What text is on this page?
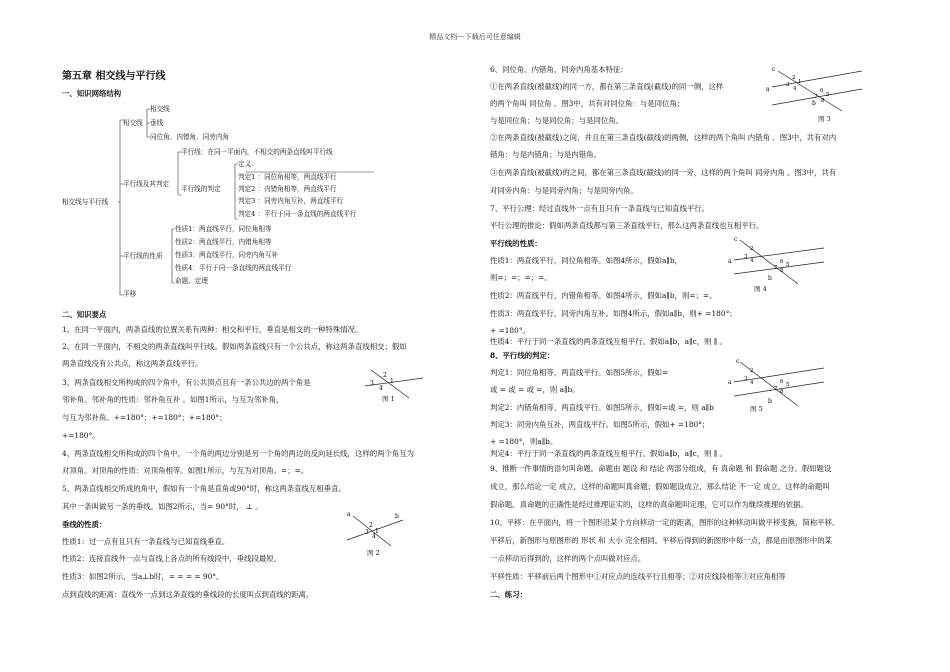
精品文档---下载后可任意编辑
第五章 相交线与平行线
一、知识网络结构
相交线与平行线
相交线
相交线
垂线
同位角、内错角、同旁内角
平行线及其判定
平行线：在同一平面内，不相交的两条直线叫平行线
平行线的判定
定义：
判定1 ：同位角相等，两直线平行
判定2 ：内错角相等，两直线平行
判定3 ：同旁内角互补，两直线平行
判定4 ：平行于同一条直线的两直线平行
平行线的性质
性质1：两直线平行，同位角相等
性质2：两直线平行，内错角相等
性质3：两直线平行，同旁内角互补
性质4：平行于同一条直线的两直线平行
命题、定理
平移
二、知识要点
1、在同一平面内，两条直线的位置关系有两种：相交和平行，垂直是相交的一种特殊情况。
2、在同一平面内，不相交的两条直线叫平行线。假如两条直线只有一个公共点，称这两条直线相交；假如
两条直线没有公共点，称这两条直线平行。
3、两条直线相交所构成的四个角中，有公共顶点且有一条公共边的两个角是
邻补角。邻补角的性质：邻补角互补 。如图1所示，与互为邻补角，
与互为邻补角。+=180°；+=180°；+=180°；
+=180°。
4、两条直线相交所构成的四个角中，一个角的两边分别是另一个角的两边的反向延长线，这样的两个角互为
对顶角。对顶角的性质：对顶角相等。如图1所示，与互为对顶角。=；=。
5、两条直线相交所成的角中，假如有一个角是直角或90°时，称这两条直线互相垂直。
其中一条叫做另一条的垂线。如图2所示，当= 90°时， ⊥ 。
垂线的性质：
性质1：过一点有且只有一条直线与已知直线垂直。
性质2：连接直线外一点与直线上各点的所有线段中，垂线段最短。
性质3：如图2所示，当a⊥b时，= = = = 90°。
点到直线的距离：直线外一点到这条直线的垂线段的长度叫点到直线的距离。
2
3	1
4
图 1
a	b
2
1
3
4
图 2
6、同位角、内错角、同旁内角基本特征：
①在两条直线(被截线)的同一方，都在第三条直线(截线)的同一侧，这样
的两个角叫 同位角 。图3中，共有对同位角：与是同位角；
与是同位角；与是同位角；与是同位角。
②在两条直线(被截线)之间，并且在第三条直线(截线)的两侧，这样的两个角叫 内错角 。图3中，共有对内
错角：与是内错角；与是内错角。
③在两条直线(被截线)的之间，都在第三条直线(截线)的同一旁，这样的两个角叫 同旁内角 。图3中，共有
对同旁内角：与是同旁内角；与是同旁内角。
7、平行公理：经过直线外一点有且只有一条直线与已知直线平行。
平行公理的推论：假如两条直线都与第三条直线平行，那么这两条直线也互相平行。
平行线的性质：
性质1：两直线平行，同位角相等。如图4所示，假如a∥b，
则=；=；=；=。
性质2：两直线平行，内错角相等。如图4所示，假如a∥b，则=；=。
性质3：两直线平行，同旁内角互补。如图4所示，假如a∥b，则+ =180°；
+ =180°。
性质4：平行于同一条直线的两条直线互相平行。假如a∥b，a∥c，则 ∥ 。
8、平行线的判定：
判定1：同位角相等，两直线平行。如图5所示，假如=
或 = 或 = 或 =，则 a∥b。
判定2：内错角相等，两直线平行。如图5所示，假如=或 =，则 a∥b
判定3：同旁内角互补，两直线平行。如图5所示，假如+ =180°；
+ =180°，则a∥b。
判定4：平行于同一条直线的两条直线互相平行。假如a∥b，a∥c，则 ∥ 。
9、推断一件事情的语句叫命题。命题由 题设 和 结论 两部分组成，有 真命题 和 假命题 之分。假如题设
成立，那么结论一定 成立，这样的命题叫真命题；假如题设成立，那么结论 不一定 成立，这样的命题叫
假命题。真命题的正确性是经过推理证实的，这样的真命题叫定理，它可以作为继续推理的依据。
10、平移：在平面内，将一个图形沿某个方向移动一定的距离，图形的这种移动叫做平移变换，简称平移。
平移后，新图形与原图形的 形状 和 大小 完全相同。平移后得到的新图形中每一点，都是由原图形中的某
一点移动后得到的，这样的两个点叫做对应点。
平移性质：平移前后两个图形中①对应点的连线平行且相等；②对应线段相等③对应角相等
二、练习：
c
a
b
2
1
3
4	6
5
7
8
图 3
c
a
b
2
3
4	6 5
7 8
图 4
c
a
b
2
3
4	6 5
7 8
图 5
